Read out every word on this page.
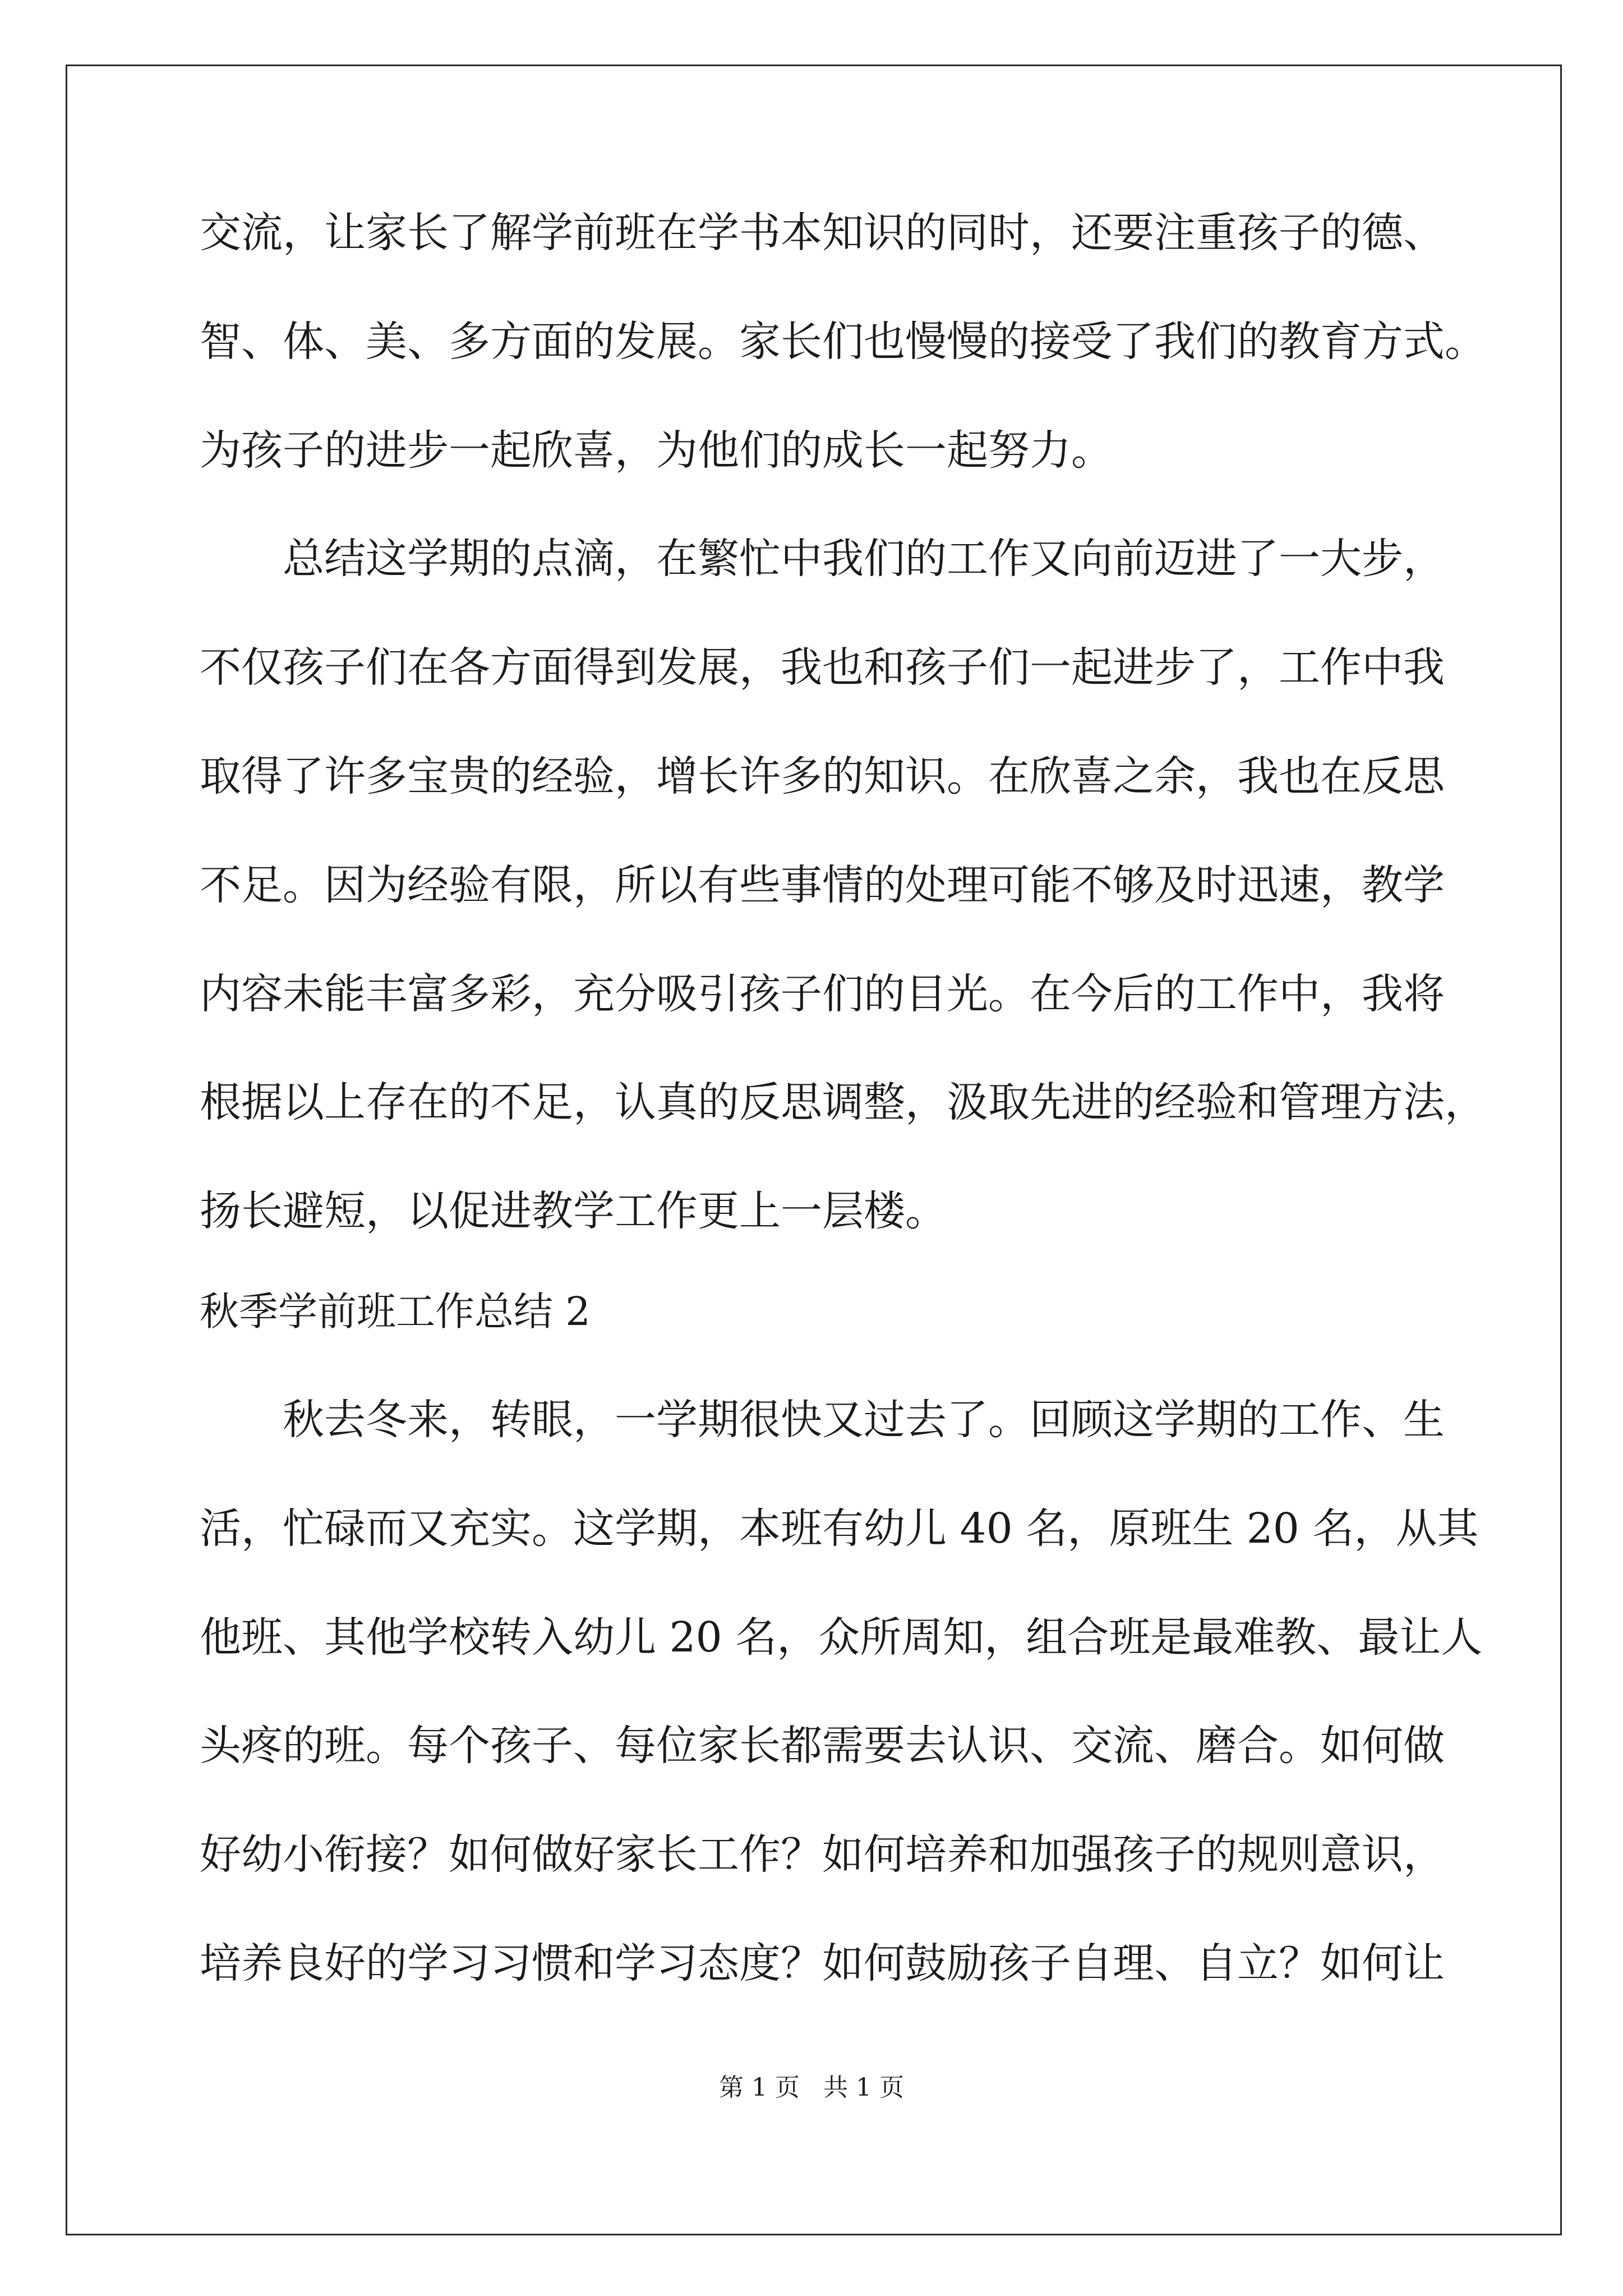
交流，让家长了解学前班在学书本知识的同时，还要注重孩子的德、
智、体、美、多方面的发展。家长们也慢慢的接受了我们的教育方式。
为孩子的进步一起欣喜，为他们的成长一起努力。
　　总结这学期的点滴，在繁忙中我们的工作又向前迈进了一大步，
不仅孩子们在各方面得到发展，我也和孩子们一起进步了，工作中我
取得了许多宝贵的经验，增长许多的知识。在欣喜之余，我也在反思
不足。因为经验有限，所以有些事情的处理可能不够及时迅速，教学
内容未能丰富多彩，充分吸引孩子们的目光。在今后的工作中，我将
根据以上存在的不足，认真的反思调整，汲取先进的经验和管理方法，
扬长避短，以促进教学工作更上一层楼。
秋季学前班工作总结 2
　　秋去冬来，转眼，一学期很快又过去了。回顾这学期的工作、生
活，忙碌而又充实。这学期，本班有幼儿 40 名，原班生 20 名，从其
他班、其他学校转入幼儿 20 名，众所周知，组合班是最难教、最让人
头疼的班。每个孩子、每位家长都需要去认识、交流、磨合。如何做
好幼小衔接？如何做好家长工作？如何培养和加强孩子的规则意识，
培养良好的学习习惯和学习态度？如何鼓励孩子自理、自立？如何让
第 1 页   共 1 页
